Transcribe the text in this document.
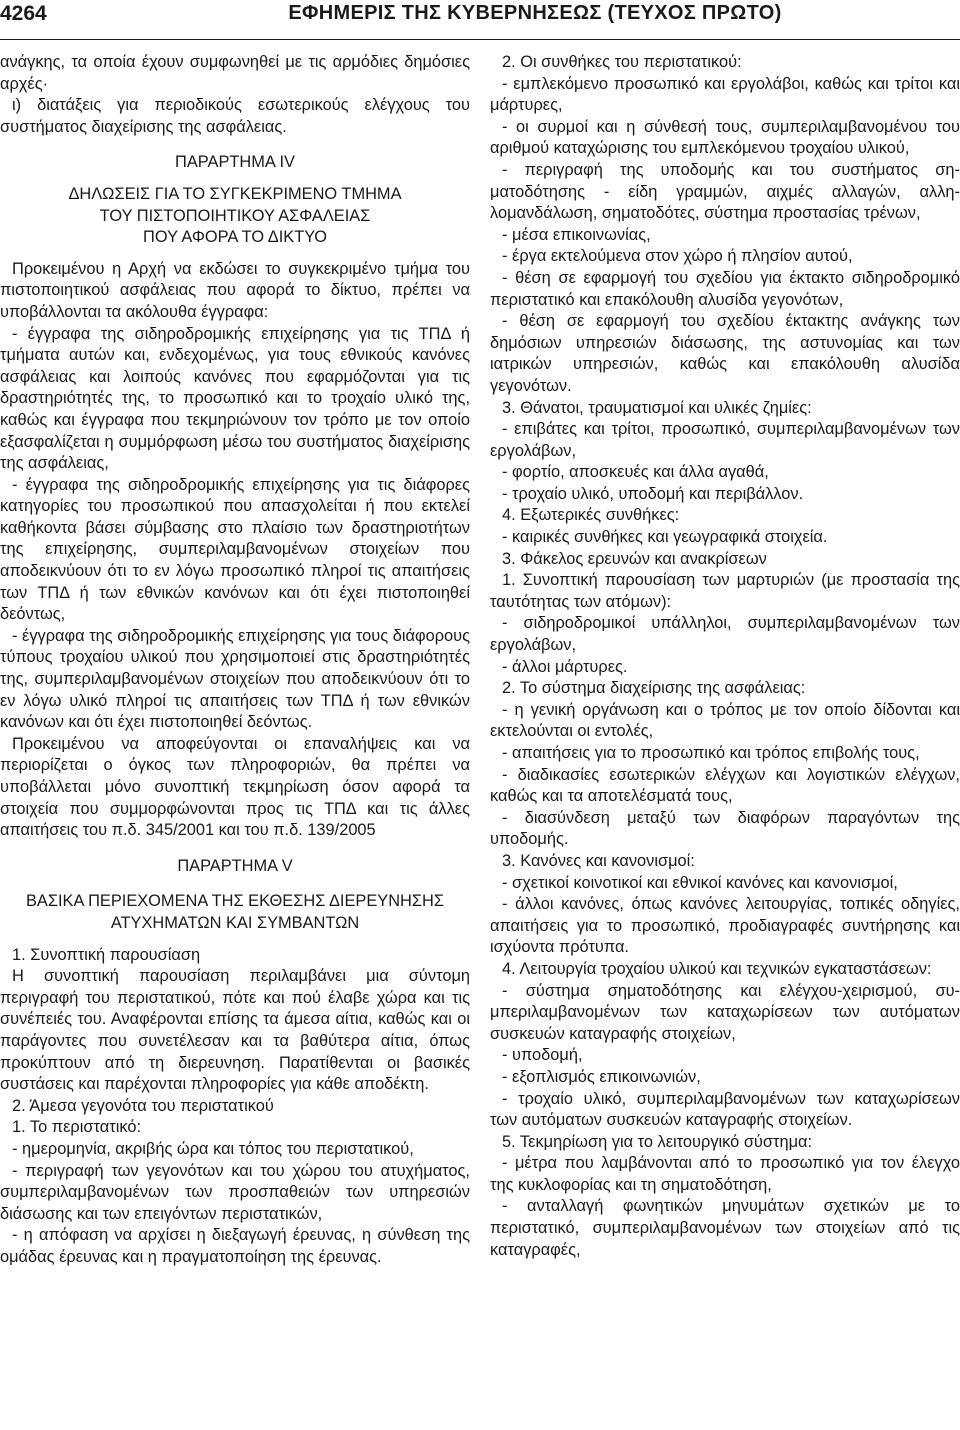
4264	ΕΦΗΜΕΡΙΣ ΤΗΣ ΚΥΒΕΡΝΗΣΕΩΣ (ΤΕΥΧΟΣ ΠΡΩΤΟ)

ανάγκης, τα οποία έχουν συμφωνηθεί με τις αρμόδιες δημόσιες αρχές·

ι) διατάξεις για περιοδικούς εσωτερικούς ελέγχους του συστήματος διαχείρισης της ασφάλειας.

ΠΑΡΑΡΤΗΜΑ IV

ΔΗΛΩΣΕΙΣ ΓΙΑ ΤΟ ΣΥΓΚΕΚΡΙΜΕΝΟ ΤΜΗΜΑ
ΤΟΥ ΠΙΣΤΟΠΟΙΗΤΙΚΟΥ ΑΣΦΑΛΕΙΑΣ
ΠΟΥ ΑΦΟΡΑ ΤΟ ΔΙΚΤΥΟ

Προκειμένου η Αρχή να εκδώσει το συγκεκριμένο τμήμα του πιστοποιητικού ασφάλειας που αφορά το δίκτυο, πρέπει να υποβάλλονται τα ακόλουθα έγγραφα:

- έγγραφα της σιδηροδρομικής επιχείρησης για τις ΤΠΔ ή τμήματα αυτών και, ενδεχομένως, για τους εθνικούς κανόνες ασφάλειας και λοιπούς κανόνες που εφαρμόζονται για τις δραστηριότητές της, το προσωπικό και το τροχαίο υλικό της, καθώς και έγγραφα που τεκμηριώνουν τον τρόπο με τον οποίο εξασφαλίζεται η συμμόρφωση μέσω του συστήματος διαχείρισης της ασφάλειας,

- έγγραφα της σιδηροδρομικής επιχείρησης για τις διάφορες κατηγορίες του προσωπικού που απασχολείται ή που εκτελεί καθήκοντα βάσει σύμβασης στο πλαίσιο των δραστηριοτήτων της επιχείρησης, συμπεριλαμβανομένων στοιχείων που αποδεικνύουν ότι το εν λόγω προσωπικό πληροί τις απαιτήσεις των ΤΠΔ ή των εθνικών κανόνων και ότι έχει πιστοποιηθεί δεόντως,

- έγγραφα της σιδηροδρομικής επιχείρησης για τους διάφορους τύπους τροχαίου υλικού που χρησιμοποιεί στις δραστηριότητές της, συμπεριλαμβανομένων στοιχείων που αποδεικνύουν ότι το εν λόγω υλικό πληροί τις απαιτήσεις των ΤΠΔ ή των εθνικών κανόνων και ότι έχει πιστοποιηθεί δεόντως.

Προκειμένου να αποφεύγονται οι επαναλήψεις και να περιορίζεται ο όγκος των πληροφοριών, θα πρέπει να υποβάλλεται μόνο συνοπτική τεκμηρίωση όσον αφορά τα στοιχεία που συμμορφώνονται προς τις ΤΠΔ και τις άλλες απαιτήσεις του π.δ. 345/2001 και του π.δ. 139/2005

ΠΑΡΑΡΤΗΜΑ V

ΒΑΣΙΚΑ ΠΕΡΙΕΧΟΜΕΝΑ ΤΗΣ ΕΚΘΕΣΗΣ ΔΙΕΡΕΥΝΗΣΗΣ
ΑΤΥΧΗΜΑΤΩΝ ΚΑΙ ΣΥΜΒΑΝΤΩΝ

1. Συνοπτική παρουσίαση

Η συνοπτική παρουσίαση περιλαμβάνει μια σύντομη περιγραφή του περιστατικού, πότε και πού έλαβε χώρα και τις συνέπειές του. Αναφέρονται επίσης τα άμεσα αίτια, καθώς και οι παράγοντες που συνετέλεσαν και τα βαθύτερα αίτια, όπως προκύπτουν από τη διερευνηση. Παρατίθενται οι βασικές συστάσεις και παρέχονται πληροφορίες για κάθε αποδέκτη.

2. Άμεσα γεγονότα του περιστατικού

1. Το περιστατικό:

- ημερομηνία, ακριβής ώρα και τόπος του περιστατικού,

- περιγραφή των γεγονότων και του χώρου του ατυχήματος, συμπεριλαμβανομένων των προσπαθειών των υπηρεσιών διάσωσης και των επειγόντων περιστατικών,

- η απόφαση να αρχίσει η διεξαγωγή έρευνας, η σύνθεση της ομάδας έρευνας και η πραγματοποίηση της έρευνας.

2. Οι συνθήκες του περιστατικού:

- εμπλεκόμενο προσωπικό και εργολάβοι, καθώς και τρίτοι και μάρτυρες,

- οι συρμοί και η σύνθεσή τους, συμπεριλαμβανομένου του αριθμού καταχώρισης του εμπλεκόμενου τροχαίου υλικού,

- περιγραφή της υποδομής και του συστήματος σηματοδότησης - είδη γραμμών, αιχμές αλλαγών, αλληλομανδάλωση, σηματοδότες, σύστημα προστασίας τρένων,

- μέσα επικοινωνίας,

- έργα εκτελούμενα στον χώρο ή πλησίον αυτού,

- θέση σε εφαρμογή του σχεδίου για έκτακτο σιδηροδρομικό περιστατικό και επακόλουθη αλυσίδα γεγονότων,

- θέση σε εφαρμογή του σχεδίου έκτακτης ανάγκης των δημόσιων υπηρεσιών διάσωσης, της αστυνομίας και των ιατρικών υπηρεσιών, καθώς και επακόλουθη αλυσίδα γεγονότων.

3. Θάνατοι, τραυματισμοί και υλικές ζημίες:

- επιβάτες και τρίτοι, προσωπικό, συμπεριλαμβανομένων των εργολάβων,

- φορτίο, αποσκευές και άλλα αγαθά,

- τροχαίο υλικό, υποδομή και περιβάλλον.

4. Εξωτερικές συνθήκες:

- καιρικές συνθήκες και γεωγραφικά στοιχεία.

3. Φάκελος ερευνών και ανακρίσεων

1. Συνοπτική παρουσίαση των μαρτυριών (με προστασία της ταυτότητας των ατόμων):

- σιδηροδρομικοί υπάλληλοι, συμπεριλαμβανομένων των εργολάβων,

- άλλοι μάρτυρες.

2. Το σύστημα διαχείρισης της ασφάλειας:

- η γενική οργάνωση και ο τρόπος με τον οποίο δίδονται και εκτελούνται οι εντολές,

- απαιτήσεις για το προσωπικό και τρόπος επιβολής τους,

- διαδικασίες εσωτερικών ελέγχων και λογιστικών ελέγχων, καθώς και τα αποτελέσματά τους,

- διασύνδεση μεταξύ των διαφόρων παραγόντων της υποδομής.

3. Κανόνες και κανονισμοί:

- σχετικοί κοινοτικοί και εθνικοί κανόνες και κανονισμοί,

- άλλοι κανόνες, όπως κανόνες λειτουργίας, τοπικές οδηγίες, απαιτήσεις για το προσωπικό, προδιαγραφές συντήρησης και ισχύοντα πρότυπα.

4. Λειτουργία τροχαίου υλικού και τεχνικών εγκαταστάσεων:

- σύστημα σηματοδότησης και ελέγχου-χειρισμού, συμπεριλαμβανομένων των καταχωρίσεων των αυτόματων συσκευών καταγραφής στοιχείων,

- υποδομή,

- εξοπλισμός επικοινωνιών,

- τροχαίο υλικό, συμπεριλαμβανομένων των καταχωρίσεων των αυτόματων συσκευών καταγραφής στοιχείων.

5. Τεκμηρίωση για το λειτουργικό σύστημα:

- μέτρα που λαμβάνονται από το προσωπικό για τον έλεγχο της κυκλοφορίας και τη σηματοδότηση,

- ανταλλαγή φωνητικών μηνυμάτων σχετικών με το περιστατικό, συμπεριλαμβανομένων των στοιχείων από τις καταγραφές,
